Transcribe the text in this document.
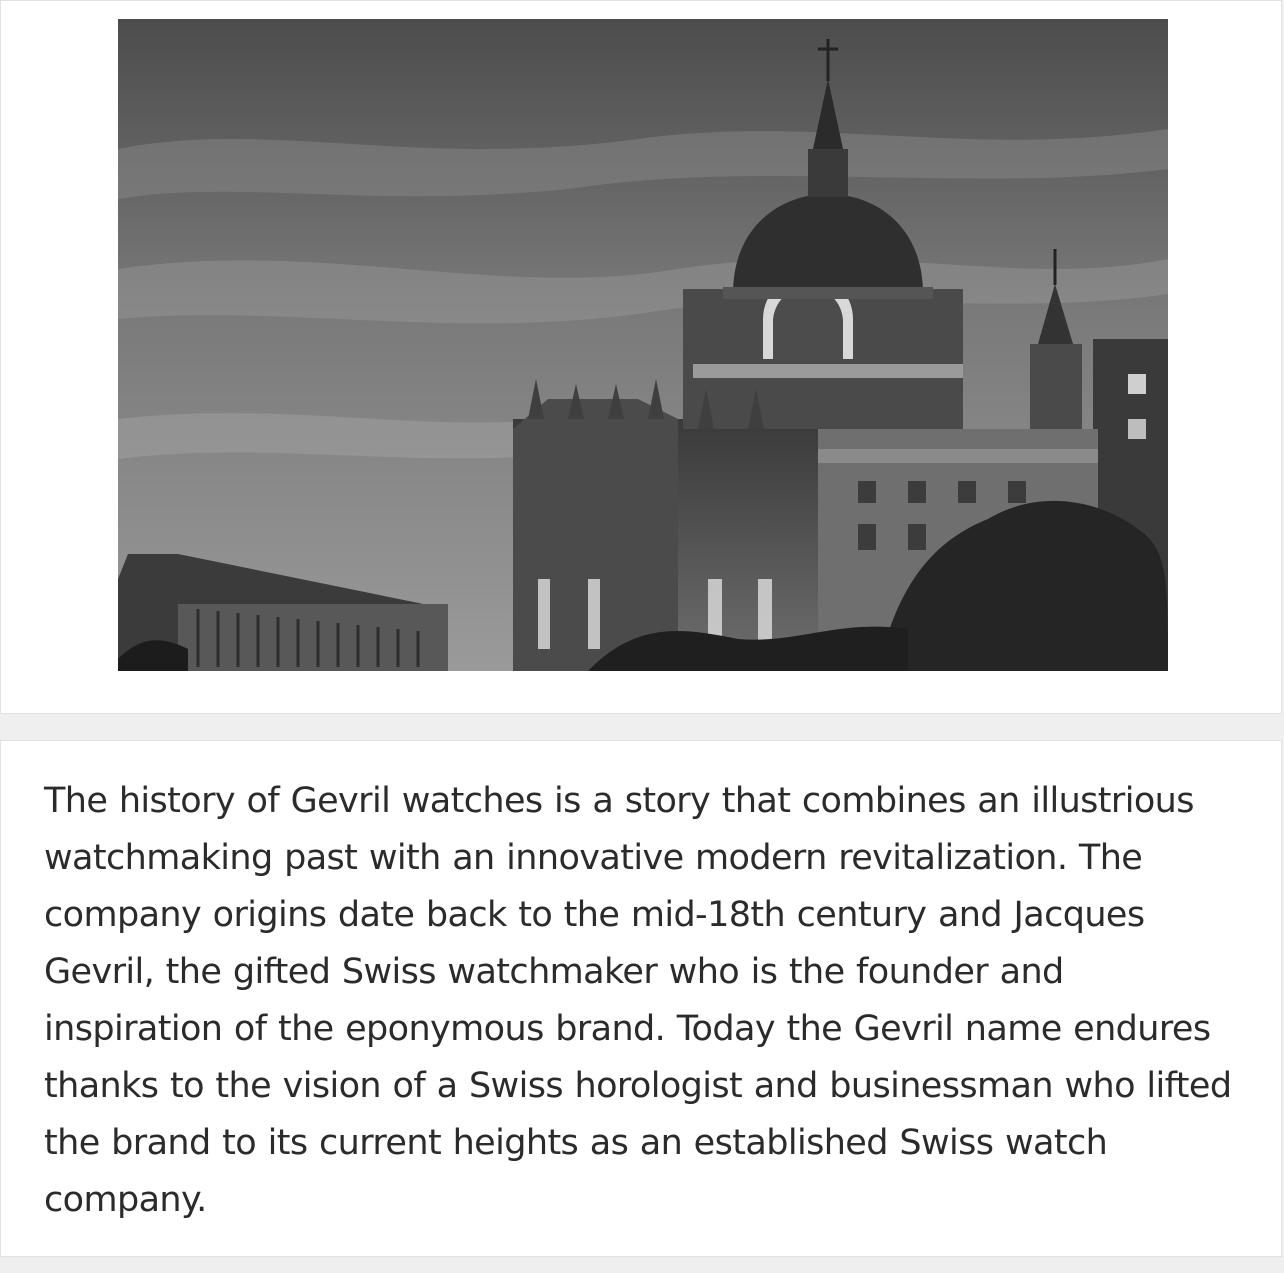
The history of Gevril watches is a story that combines an illustrious watchmaking past with an innovative modern revitalization. The company origins date back to the mid-18th century and Jacques Gevril, the gifted Swiss watchmaker who is the founder and inspiration of the eponymous brand. Today the Gevril name endures thanks to the vision of a Swiss horologist and businessman who lifted the brand to its current heights as an established Swiss watch company.
